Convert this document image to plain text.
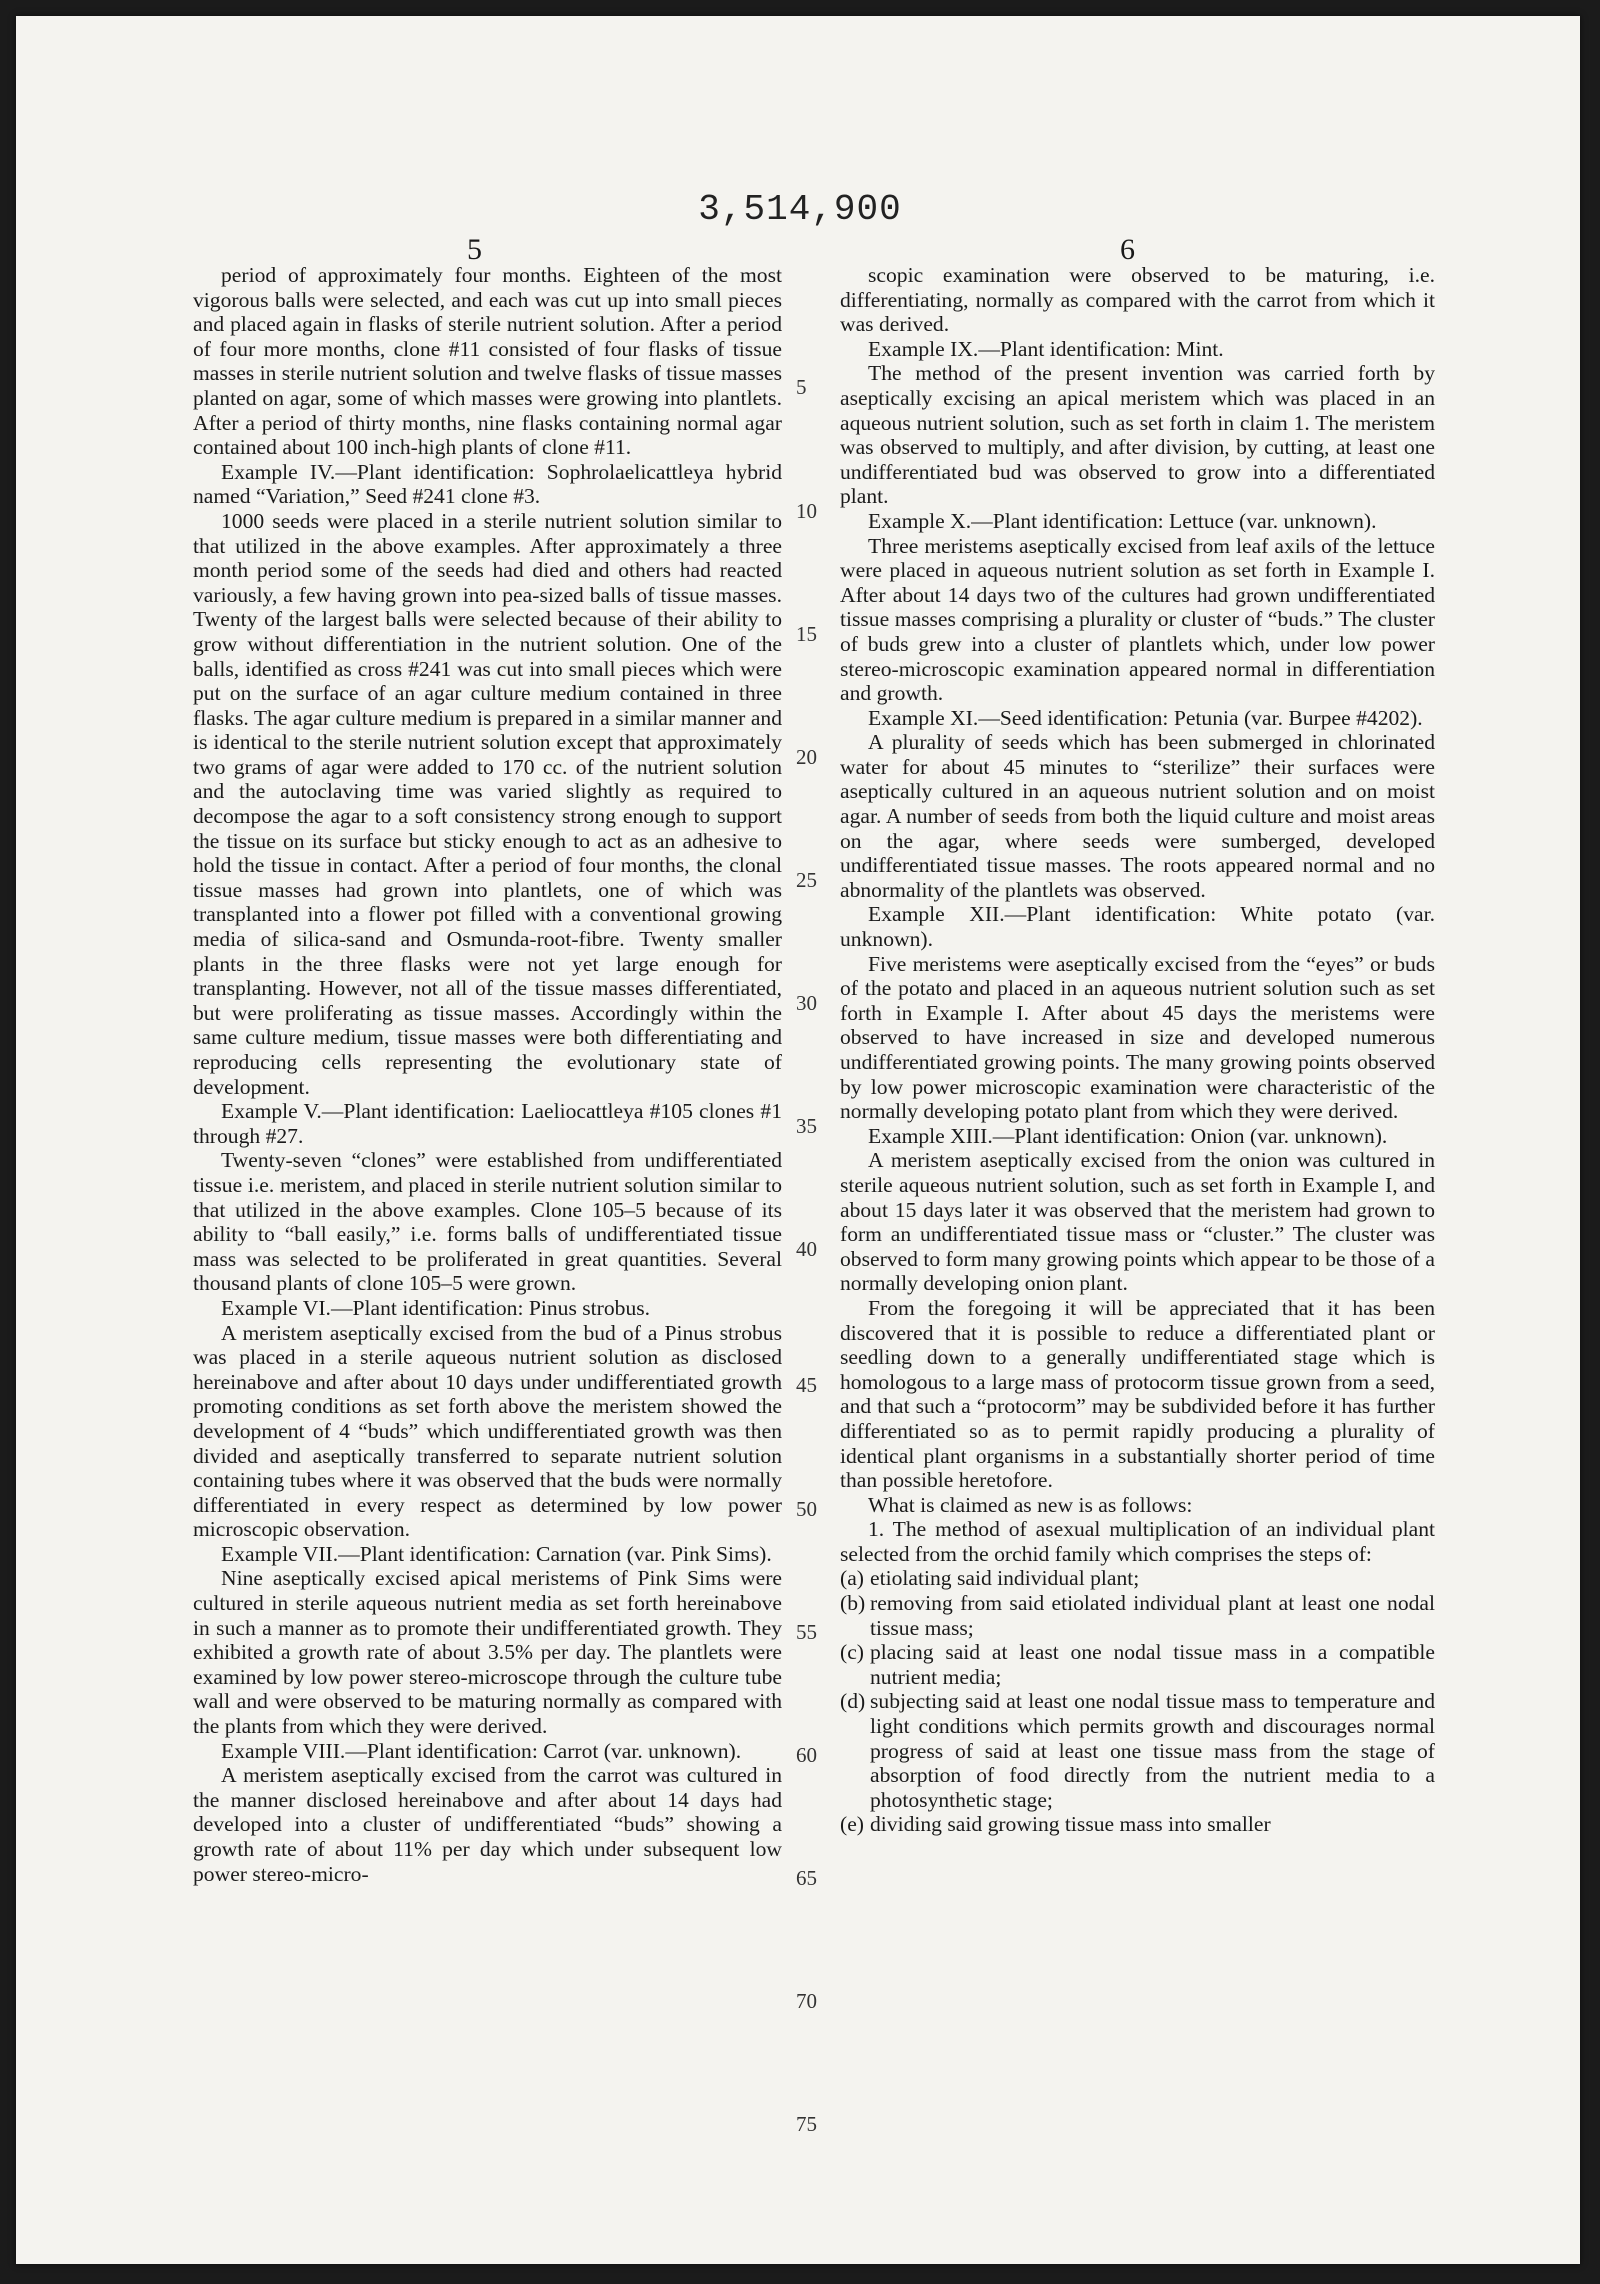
3,514,900
5	6

period of approximately four months. Eighteen of the most vigorous balls were selected, and each was cut up into small pieces and placed again in flasks of sterile nutrient solution. After a period of four more months, clone #11 consisted of four flasks of tissue masses in sterile nutrient solution and twelve flasks of tissue masses planted on agar, some of which masses were growing into plantlets. After a period of thirty months, nine flasks containing normal agar contained about 100 inch-high plants of clone #11.

Example IV.—Plant identification: Sophrolaelicattleya hybrid named “Variation,” Seed #241 clone #3.

1000 seeds were placed in a sterile nutrient solution similar to that utilized in the above examples. After approximately a three month period some of the seeds had died and others had reacted variously, a few having grown into pea-sized balls of tissue masses. Twenty of the largest balls were selected because of their ability to grow without differentiation in the nutrient solution. One of the balls, identified as cross #241 was cut into small pieces which were put on the surface of an agar culture medium contained in three flasks. The agar culture medium is prepared in a similar manner and is identical to the sterile nutrient solution except that approximately two grams of agar were added to 170 cc. of the nutrient solution and the autoclaving time was varied slightly as required to decompose the agar to a soft consistency strong enough to support the tissue on its surface but sticky enough to act as an adhesive to hold the tissue in contact. After a period of four months, the clonal tissue masses had grown into plantlets, one of which was transplanted into a flower pot filled with a conventional growing media of silica-sand and Osmunda-root-fibre. Twenty smaller plants in the three flasks were not yet large enough for transplanting. However, not all of the tissue masses differentiated, but were proliferating as tissue masses. Accordingly within the same culture medium, tissue masses were both differentiating and reproducing cells representing the evolutionary state of development.

Example V.—Plant identification: Laeliocattleya #105 clones #1 through #27.

Twenty-seven “clones” were established from undifferentiated tissue i.e. meristem, and placed in sterile nutrient solution similar to that utilized in the above examples. Clone 105–5 because of its ability to “ball easily,” i.e. forms balls of undifferentiated tissue mass was selected to be proliferated in great quantities. Several thousand plants of clone 105–5 were grown.

Example VI.—Plant identification: Pinus strobus.

A meristem aseptically excised from the bud of a Pinus strobus was placed in a sterile aqueous nutrient solution as disclosed hereinabove and after about 10 days under undifferentiated growth promoting conditions as set forth above the meristem showed the development of 4 “buds” which undifferentiated growth was then divided and aseptically transferred to separate nutrient solution containing tubes where it was observed that the buds were normally differentiated in every respect as determined by low power microscopic observation.

Example VII.—Plant identification: Carnation (var. Pink Sims).

Nine aseptically excised apical meristems of Pink Sims were cultured in sterile aqueous nutrient media as set forth hereinabove in such a manner as to promote their undifferentiated growth. They exhibited a growth rate of about 3.5% per day. The plantlets were examined by low power stereo-microscope through the culture tube wall and were observed to be maturing normally as compared with the plants from which they were derived.

Example VIII.—Plant identification: Carrot (var. unknown).

A meristem aseptically excised from the carrot was cultured in the manner disclosed hereinabove and after about 14 days had developed into a cluster of undifferentiated “buds” showing a growth rate of about 11% per day which under subsequent low power stereo-micro-

5
10
15
20
25
30
35
40
45
50
55
60
65
70
75

scopic examination were observed to be maturing, i.e. differentiating, normally as compared with the carrot from which it was derived.

Example IX.—Plant identification: Mint.

The method of the present invention was carried forth by aseptically excising an apical meristem which was placed in an aqueous nutrient solution, such as set forth in claim 1. The meristem was observed to multiply, and after division, by cutting, at least one undifferentiated bud was observed to grow into a differentiated plant.

Example X.—Plant identification: Lettuce (var. unknown).

Three meristems aseptically excised from leaf axils of the lettuce were placed in aqueous nutrient solution as set forth in Example I. After about 14 days two of the cultures had grown undifferentiated tissue masses comprising a plurality or cluster of “buds.” The cluster of buds grew into a cluster of plantlets which, under low power stereo-microscopic examination appeared normal in differentiation and growth.

Example XI.—Seed identification: Petunia (var. Burpee #4202).

A plurality of seeds which has been submerged in chlorinated water for about 45 minutes to “sterilize” their surfaces were aseptically cultured in an aqueous nutrient solution and on moist agar. A number of seeds from both the liquid culture and moist areas on the agar, where seeds were sumberged, developed undifferentiated tissue masses. The roots appeared normal and no abnormality of the plantlets was observed.

Example XII.—Plant identification: White potato (var. unknown).

Five meristems were aseptically excised from the “eyes” or buds of the potato and placed in an aqueous nutrient solution such as set forth in Example I. After about 45 days the meristems were observed to have increased in size and developed numerous undifferentiated growing points. The many growing points observed by low power microscopic examination were characteristic of the normally developing potato plant from which they were derived.

Example XIII.—Plant identification: Onion (var. unknown).

A meristem aseptically excised from the onion was cultured in sterile aqueous nutrient solution, such as set forth in Example I, and about 15 days later it was observed that the meristem had grown to form an undifferentiated tissue mass or “cluster.” The cluster was observed to form many growing points which appear to be those of a normally developing onion plant.

From the foregoing it will be appreciated that it has been discovered that it is possible to reduce a differentiated plant or seedling down to a generally undifferentiated stage which is homologous to a large mass of protocorm tissue grown from a seed, and that such a “protocorm” may be subdivided before it has further differentiated so as to permit rapidly producing a plurality of identical plant organisms in a substantially shorter period of time than possible heretofore.

What is claimed as new is as follows:

1. The method of asexual multiplication of an individual plant selected from the orchid family which comprises the steps of:

(a) etiolating said individual plant;

(b) removing from said etiolated individual plant at least one nodal tissue mass;

(c) placing said at least one nodal tissue mass in a compatible nutrient media;

(d) subjecting said at least one nodal tissue mass to temperature and light conditions which permits growth and discourages normal progress of said at least one tissue mass from the stage of absorption of food directly from the nutrient media to a photosynthetic stage;

(e) dividing said growing tissue mass into smaller
